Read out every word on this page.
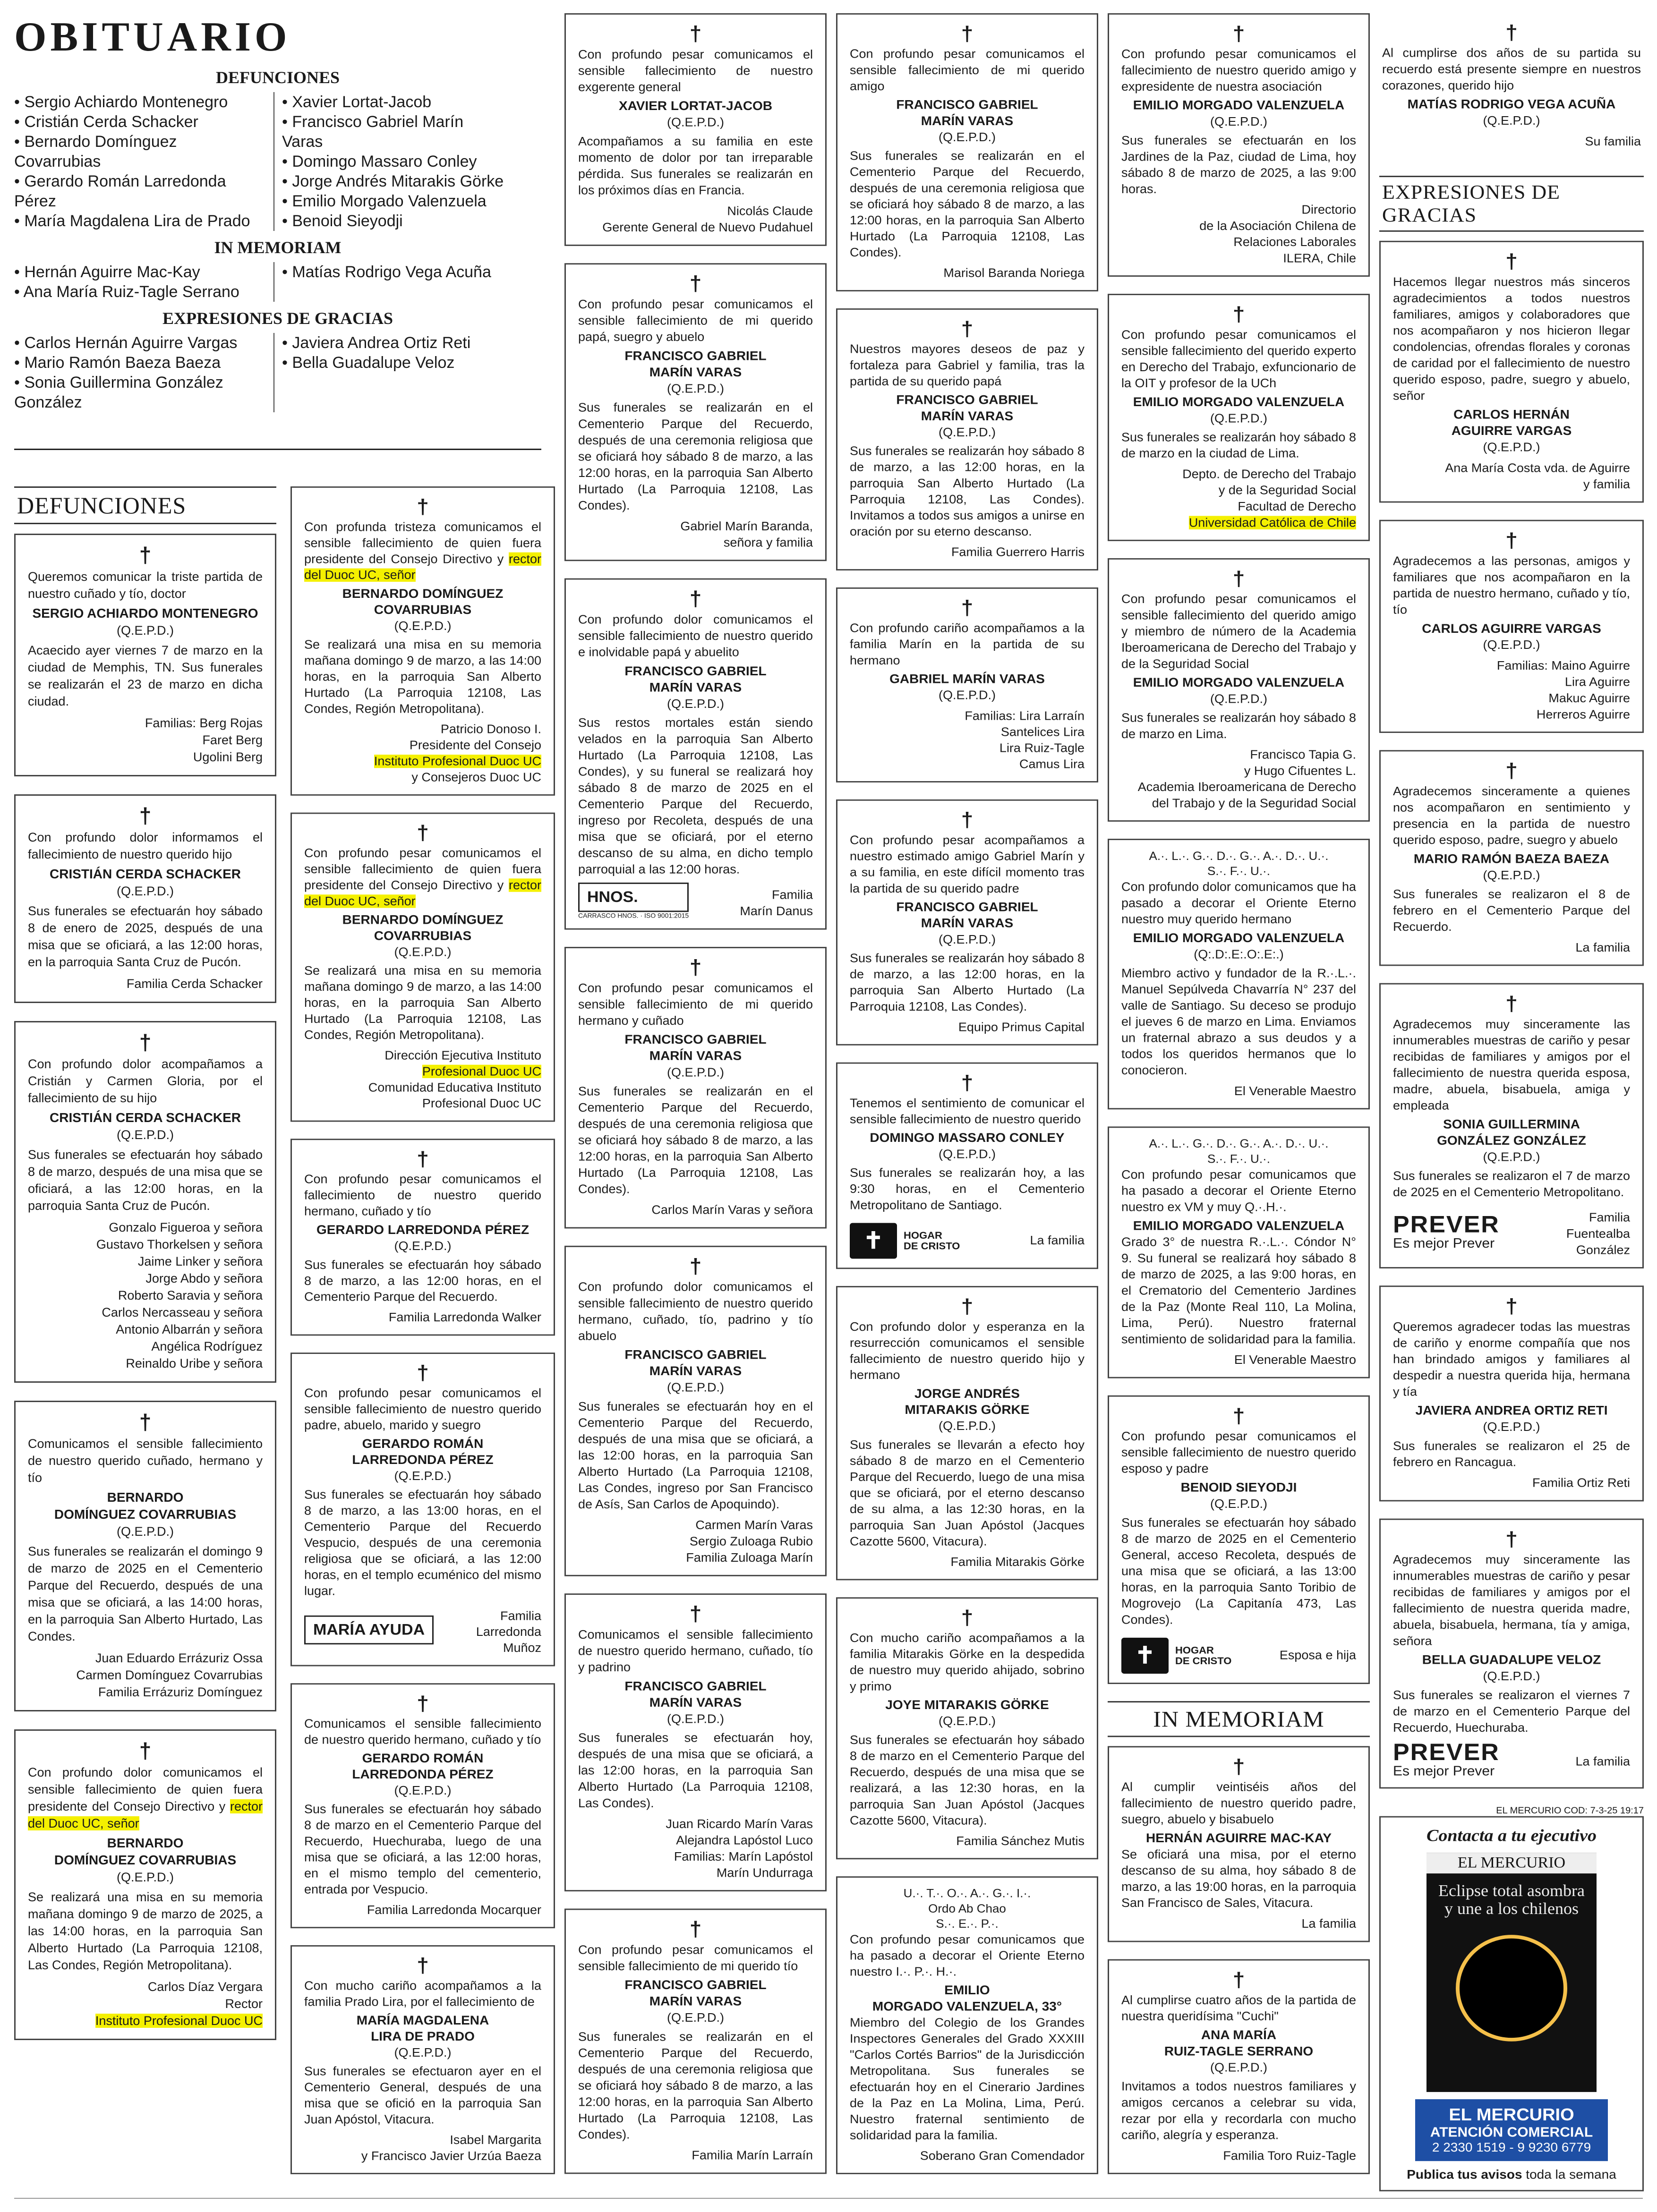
OBITUARIO
DEFUNCIONES
• Sergio Achiardo Montenegro
• Cristián Cerda Schacker
• Bernardo Domínguez
Covarrubias
• Gerardo Román Larredonda
Pérez
• María Magdalena Lira de Prado
• Xavier Lortat-Jacob
• Francisco Gabriel Marín
Varas
• Domingo Massaro Conley
• Jorge Andrés Mitarakis Görke
• Emilio Morgado Valenzuela
• Benoid Sieyodji
IN MEMORIAM
• Hernán Aguirre Mac-Kay
• Ana María Ruiz-Tagle Serrano
• Matías Rodrigo Vega Acuña
EXPRESIONES DE GRACIAS
• Carlos Hernán Aguirre Vargas
• Mario Ramón Baeza Baeza
• Sonia Guillermina González
González
• Javiera Andrea Ortiz Reti
• Bella Guadalupe Veloz
DEFUNCIONES
†

Queremos comunicar la triste partida de nuestro cuñado y tío, doctor

SERGIO ACHIARDO MONTENEGRO

(Q.E.P.D.)

Acaecido ayer viernes 7 de marzo en la ciudad de Memphis, TN. Sus funerales se realizarán el 23 de marzo en dicha ciudad.

Familias: Berg Rojas
Faret Berg
Ugolini Berg

†

Con profundo dolor informamos el fallecimiento de nuestro querido hijo

CRISTIÁN CERDA SCHACKER

(Q.E.P.D.)

Sus funerales se efectuarán hoy sábado 8 de enero de 2025, después de una misa que se oficiará, a las 12:00 horas, en la parroquia Santa Cruz de Pucón.

Familia Cerda Schacker

†

Con profundo dolor acompañamos a Cristián y Carmen Gloria, por el fallecimiento de su hijo

CRISTIÁN CERDA SCHACKER

(Q.E.P.D.)

Sus funerales se efectuarán hoy sábado 8 de marzo, después de una misa que se oficiará, a las 12:00 horas, en la parroquia Santa Cruz de Pucón.

Gonzalo Figueroa y señora
Gustavo Thorkelsen y señora
Jaime Linker y señora
Jorge Abdo y señora
Roberto Saravia y señora
Carlos Nercasseau y señora
Antonio Albarrán y señora
Angélica Rodríguez
Reinaldo Uribe y señora

†

Comunicamos el sensible fallecimiento de nuestro querido cuñado, hermano y tío

BERNARDO
DOMÍNGUEZ COVARRUBIAS

(Q.E.P.D.)

Sus funerales se realizarán el domingo 9 de marzo de 2025 en el Cementerio Parque del Recuerdo, después de una misa que se oficiará, a las 14:00 horas, en la parroquia San Alberto Hurtado, Las Condes.

Juan Eduardo Errázuriz Ossa
Carmen Domínguez Covarrubias
Familia Errázuriz Domínguez

†

Con profundo dolor comunicamos el sensible fallecimiento de quien fuera presidente del Consejo Directivo y rector del Duoc UC, señor

BERNARDO
DOMÍNGUEZ COVARRUBIAS

(Q.E.P.D.)

Se realizará una misa en su memoria mañana domingo 9 de marzo de 2025, a las 14:00 horas, en la parroquia San Alberto Hurtado (La Parroquia 12108, Las Condes, Región Metropolitana).

Carlos Díaz Vergara
Rector
Instituto Profesional Duoc UC

†

Con profunda tristeza comunicamos el sensible fallecimiento de quien fuera presidente del Consejo Directivo y rector del Duoc UC, señor

BERNARDO DOMÍNGUEZ
COVARRUBIAS

(Q.E.P.D.)

Se realizará una misa en su memoria mañana domingo 9 de marzo, a las 14:00 horas, en la parroquia San Alberto Hurtado (La Parroquia 12108, Las Condes, Región Metropolitana).

Patricio Donoso I.
Presidente del Consejo
Instituto Profesional Duoc UC
y Consejeros Duoc UC

†

Con profundo pesar comunicamos el sensible fallecimiento de quien fuera presidente del Consejo Directivo y rector del Duoc UC, señor

BERNARDO DOMÍNGUEZ
COVARRUBIAS

(Q.E.P.D.)

Se realizará una misa en su memoria mañana domingo 9 de marzo, a las 14:00 horas, en la parroquia San Alberto Hurtado (La Parroquia 12108, Las Condes, Región Metropolitana).

Dirección Ejecutiva Instituto
Profesional Duoc UC
Comunidad Educativa Instituto
Profesional Duoc UC

†

Con profundo pesar comunicamos el fallecimiento de nuestro querido hermano, cuñado y tío

GERARDO LARREDONDA PÉREZ

(Q.E.P.D.)

Sus funerales se efectuarán hoy sábado 8 de marzo, a las 12:00 horas, en el Cementerio Parque del Recuerdo.

Familia Larredonda Walker

†

Con profundo pesar comunicamos el sensible fallecimiento de nuestro querido padre, abuelo, marido y suegro

GERARDO ROMÁN
LARREDONDA PÉREZ

(Q.E.P.D.)

Sus funerales se efectuarán hoy sábado 8 de marzo, a las 13:00 horas, en el Cementerio Parque del Recuerdo Vespucio, después de una ceremonia religiosa que se oficiará, a las 12:00 horas, en el templo ecuménico del mismo lugar.

MARÍA AYUDA

Familia
Larredonda
Muñoz

†

Comunicamos el sensible fallecimiento de nuestro querido hermano, cuñado y tío

GERARDO ROMÁN
LARREDONDA PÉREZ

(Q.E.P.D.)

Sus funerales se efectuarán hoy sábado 8 de marzo en el Cementerio Parque del Recuerdo, Huechuraba, luego de una misa que se oficiará, a las 12:00 horas, en el mismo templo del cementerio, entrada por Vespucio.

Familia Larredonda Mocarquer

†

Con mucho cariño acompañamos a la familia Prado Lira, por el fallecimiento de

MARÍA MAGDALENA
LIRA DE PRADO

(Q.E.P.D.)

Sus funerales se efectuaron ayer en el Cementerio General, después de una misa que se ofició en la parroquia San Juan Apóstol, Vitacura.

Isabel Margarita
y Francisco Javier Urzúa Baeza

†

Con profundo pesar comunicamos el sensible fallecimiento de nuestro exgerente general

XAVIER LORTAT-JACOB

(Q.E.P.D.)

Acompañamos a su familia en este momento de dolor por tan irreparable pérdida. Sus funerales se realizarán en los próximos días en Francia.

Nicolás Claude
Gerente General de Nuevo Pudahuel

†

Con profundo pesar comunicamos el sensible fallecimiento de mi querido papá, suegro y abuelo

FRANCISCO GABRIEL
MARÍN VARAS

(Q.E.P.D.)

Sus funerales se realizarán en el Cementerio Parque del Recuerdo, después de una ceremonia religiosa que se oficiará hoy sábado 8 de marzo, a las 12:00 horas, en la parroquia San Alberto Hurtado (La Parroquia 12108, Las Condes).

Gabriel Marín Baranda,
señora y familia

†

Con profundo dolor comunicamos el sensible fallecimiento de nuestro querido e inolvidable papá y abuelito

FRANCISCO GABRIEL
MARÍN VARAS

(Q.E.P.D.)

Sus restos mortales están siendo velados en la parroquia San Alberto Hurtado (La Parroquia 12108, Las Condes), y su funeral se realizará hoy sábado 8 de marzo de 2025 en el Cementerio Parque del Recuerdo, ingreso por Recoleta, después de una misa que se oficiará, por el eterno descanso de su alma, en dicho templo parroquial a las 12:00 horas.

HNOS.
CARRASCO HNOS. · ISO 9001:2015

Familia
Marín Danus

†

Con profundo pesar comunicamos el sensible fallecimiento de mi querido hermano y cuñado

FRANCISCO GABRIEL
MARÍN VARAS

(Q.E.P.D.)

Sus funerales se realizarán en el Cementerio Parque del Recuerdo, después de una ceremonia religiosa que se oficiará hoy sábado 8 de marzo, a las 12:00 horas, en la parroquia San Alberto Hurtado (La Parroquia 12108, Las Condes).

Carlos Marín Varas y señora

†

Con profundo dolor comunicamos el sensible fallecimiento de nuestro querido hermano, cuñado, tío, padrino y tío abuelo

FRANCISCO GABRIEL
MARÍN VARAS

(Q.E.P.D.)

Sus funerales se efectuarán hoy en el Cementerio Parque del Recuerdo, después de una misa que se oficiará, a las 12:00 horas, en la parroquia San Alberto Hurtado (La Parroquia 12108, Las Condes, ingreso por San Francisco de Asís, San Carlos de Apoquindo).

Carmen Marín Varas
Sergio Zuloaga Rubio
Familia Zuloaga Marín

†

Comunicamos el sensible fallecimiento de nuestro querido hermano, cuñado, tío y padrino

FRANCISCO GABRIEL
MARÍN VARAS

(Q.E.P.D.)

Sus funerales se efectuarán hoy, después de una misa que se oficiará, a las 12:00 horas, en la parroquia San Alberto Hurtado (La Parroquia 12108, Las Condes).

Juan Ricardo Marín Varas
Alejandra Lapóstol Luco
Familias: Marín Lapóstol
Marín Undurraga

†

Con profundo pesar comunicamos el sensible fallecimiento de mi querido tío

FRANCISCO GABRIEL
MARÍN VARAS

(Q.E.P.D.)

Sus funerales se realizarán en el Cementerio Parque del Recuerdo, después de una ceremonia religiosa que se oficiará hoy sábado 8 de marzo, a las 12:00 horas, en la parroquia San Alberto Hurtado (La Parroquia 12108, Las Condes).

Familia Marín Larraín

†

Con profundo pesar comunicamos el sensible fallecimiento de mi querido amigo

FRANCISCO GABRIEL
MARÍN VARAS

(Q.E.P.D.)

Sus funerales se realizarán en el Cementerio Parque del Recuerdo, después de una ceremonia religiosa que se oficiará hoy sábado 8 de marzo, a las 12:00 horas, en la parroquia San Alberto Hurtado (La Parroquia 12108, Las Condes).

Marisol Baranda Noriega

†

Nuestros mayores deseos de paz y fortaleza para Gabriel y familia, tras la partida de su querido papá

FRANCISCO GABRIEL
MARÍN VARAS

(Q.E.P.D.)

Sus funerales se realizarán hoy sábado 8 de marzo, a las 12:00 horas, en la parroquia San Alberto Hurtado (La Parroquia 12108, Las Condes). Invitamos a todos sus amigos a unirse en oración por su eterno descanso.

Familia Guerrero Harris

†

Con profundo cariño acompañamos a la familia Marín en la partida de su hermano

GABRIEL MARÍN VARAS

(Q.E.P.D.)

Familias: Lira Larraín
Santelices Lira
Lira Ruiz-Tagle
Camus Lira

†

Con profundo pesar acompañamos a nuestro estimado amigo Gabriel Marín y a su familia, en este difícil momento tras la partida de su querido padre

FRANCISCO GABRIEL
MARÍN VARAS

(Q.E.P.D.)

Sus funerales se realizarán hoy sábado 8 de marzo, a las 12:00 horas, en la parroquia San Alberto Hurtado (La Parroquia 12108, Las Condes).

Equipo Primus Capital

†

Tenemos el sentimiento de comunicar el sensible fallecimiento de nuestro querido

DOMINGO MASSARO CONLEY

(Q.E.P.D.)

Sus funerales se realizarán hoy, a las 9:30 horas, en el Cementerio Metropolitano de Santiago.

✝	HOGAR
DE CRISTO	La familia

†

Con profundo dolor y esperanza en la resurrección comunicamos el sensible fallecimiento de nuestro querido hijo y hermano

JORGE ANDRÉS
MITARAKIS GÖRKE

(Q.E.P.D.)

Sus funerales se llevarán a efecto hoy sábado 8 de marzo en el Cementerio Parque del Recuerdo, luego de una misa que se oficiará, por el eterno descanso de su alma, a las 12:30 horas, en la parroquia San Juan Apóstol (Jacques Cazotte 5600, Vitacura).

Familia Mitarakis Görke

†

Con mucho cariño acompañamos a la familia Mitarakis Görke en la despedida de nuestro muy querido ahijado, sobrino y primo

JOYE MITARAKIS GÖRKE

(Q.E.P.D.)

Sus funerales se efectuarán hoy sábado 8 de marzo en el Cementerio Parque del Recuerdo, después de una misa que se realizará, a las 12:30 horas, en la parroquia San Juan Apóstol (Jacques Cazotte 5600, Vitacura).

Familia Sánchez Mutis

U.·. T.·. O.·. A.·. G.·. I.·.
Ordo Ab Chao
S.·. E.·. P.·.

Con profundo pesar comunicamos que ha pasado a decorar el Oriente Eterno nuestro I.·. P.·. H.·.

EMILIO
MORGADO VALENZUELA, 33°

Miembro del Colegio de los Grandes Inspectores Generales del Grado XXXIII "Carlos Cortés Barrios" de la Jurisdicción Metropolitana. Sus funerales se efectuarán hoy en el Cinerario Jardines de la Paz en La Molina, Lima, Perú. Nuestro fraternal sentimiento de solidaridad para la familia.

Soberano Gran Comendador

†

Con profundo pesar comunicamos el fallecimiento de nuestro querido amigo y expresidente de nuestra asociación

EMILIO MORGADO VALENZUELA

(Q.E.P.D.)

Sus funerales se efectuarán en los Jardines de la Paz, ciudad de Lima, hoy sábado 8 de marzo de 2025, a las 9:00 horas.

Directorio
de la Asociación Chilena de
Relaciones Laborales
ILERA, Chile

†

Con profundo pesar comunicamos el sensible fallecimiento del querido experto en Derecho del Trabajo, exfuncionario de la OIT y profesor de la UCh

EMILIO MORGADO VALENZUELA

(Q.E.P.D.)

Sus funerales se realizarán hoy sábado 8 de marzo en la ciudad de Lima.

Depto. de Derecho del Trabajo
y de la Seguridad Social
Facultad de Derecho
Universidad Católica de Chile

†

Con profundo pesar comunicamos el sensible fallecimiento del querido amigo y miembro de número de la Academia Iberoamericana de Derecho del Trabajo y de la Seguridad Social

EMILIO MORGADO VALENZUELA

(Q.E.P.D.)

Sus funerales se realizarán hoy sábado 8 de marzo en Lima.

Francisco Tapia G.
y Hugo Cifuentes L.
Academia Iberoamericana de Derecho
del Trabajo y de la Seguridad Social

A.·. L.·. G.·. D.·. G.·. A.·. D.·. U.·.
S.·. F.·. U.·.

Con profundo dolor comunicamos que ha pasado a decorar el Oriente Eterno nuestro muy querido hermano

EMILIO MORGADO VALENZUELA

(Q:.D:.E:.O:.E:.)

Miembro activo y fundador de la R.·.L.·. Manuel Sepúlveda Chavarría N° 237 del valle de Santiago. Su deceso se produjo el jueves 6 de marzo en Lima. Enviamos un fraternal abrazo a sus deudos y a todos los queridos hermanos que lo conocieron.

El Venerable Maestro

A.·. L.·. G.·. D.·. G.·. A.·. D.·. U.·.
S.·. F.·. U.·.

Con profundo pesar comunicamos que ha pasado a decorar el Oriente Eterno nuestro ex VM y muy Q.·.H.·.

EMILIO MORGADO VALENZUELA

Grado 3° de nuestra R.·.L.·. Cóndor N° 9. Su funeral se realizará hoy sábado 8 de marzo de 2025, a las 9:00 horas, en el Crematorio del Cementerio Jardines de la Paz (Monte Real 110, La Molina, Lima, Perú). Nuestro fraternal sentimiento de solidaridad para la familia.

El Venerable Maestro

†

Con profundo pesar comunicamos el sensible fallecimiento de nuestro querido esposo y padre

BENOID SIEYODJI

(Q.E.P.D.)

Sus funerales se efectuarán hoy sábado 8 de marzo de 2025 en el Cementerio General, acceso Recoleta, después de una misa que se oficiará, a las 13:00 horas, en la parroquia Santo Toribio de Mogrovejo (La Capitanía 473, Las Condes).

✝	HOGAR
DE CRISTO	Esposa e hija

IN MEMORIAM
†

Al cumplir veintiséis años del fallecimiento de nuestro querido padre, suegro, abuelo y bisabuelo

HERNÁN AGUIRRE MAC-KAY

Se oficiará una misa, por el eterno descanso de su alma, hoy sábado 8 de marzo, a las 19:00 horas, en la parroquia San Francisco de Sales, Vitacura.

La familia

†

Al cumplirse cuatro años de la partida de nuestra queridísima "Cuchi"

ANA MARÍA
RUIZ-TAGLE SERRANO

(Q.E.P.D.)

Invitamos a todos nuestros familiares y amigos cercanos a celebrar su vida, rezar por ella y recordarla con mucho cariño, alegría y esperanza.

Familia Toro Ruiz-Tagle

†

Al cumplirse dos años de su partida su recuerdo está presente siempre en nuestros corazones, querido hijo

MATÍAS RODRIGO VEGA ACUÑA

(Q.E.P.D.)

Su familia

EXPRESIONES DE GRACIAS
†

Hacemos llegar nuestros más sinceros agradecimientos a todos nuestros familiares, amigos y colaboradores que nos acompañaron y nos hicieron llegar condolencias, ofrendas florales y coronas de caridad por el fallecimiento de nuestro querido esposo, padre, suegro y abuelo, señor

CARLOS HERNÁN
AGUIRRE VARGAS

(Q.E.P.D.)

Ana María Costa vda. de Aguirre
y familia

†

Agradecemos a las personas, amigos y familiares que nos acompañaron en la partida de nuestro hermano, cuñado y tío, tío

CARLOS AGUIRRE VARGAS

(Q.E.P.D.)

Familias: Maino Aguirre
Lira Aguirre
Makuc Aguirre
Herreros Aguirre

†

Agradecemos sinceramente a quienes nos acompañaron en sentimiento y presencia en la partida de nuestro querido esposo, padre, suegro y abuelo

MARIO RAMÓN BAEZA BAEZA

(Q.E.P.D.)

Sus funerales se realizaron el 8 de febrero en el Cementerio Parque del Recuerdo.

La familia

†

Agradecemos muy sinceramente las innumerables muestras de cariño y pesar recibidas de familiares y amigos por el fallecimiento de nuestra querida esposa, madre, abuela, bisabuela, amiga y empleada

SONIA GUILLERMINA
GONZÁLEZ GONZÁLEZ

(Q.E.P.D.)

Sus funerales se realizaron el 7 de marzo de 2025 en el Cementerio Metropolitano.

PREVER
Es mejor Prever

Familia
Fuentealba
González

†

Queremos agradecer todas las muestras de cariño y enorme compañía que nos han brindado amigos y familiares al despedir a nuestra querida hija, hermana y tía

JAVIERA ANDREA ORTIZ RETI

(Q.E.P.D.)

Sus funerales se realizaron el 25 de febrero en Rancagua.

Familia Ortiz Reti

†

Agradecemos muy sinceramente las innumerables muestras de cariño y pesar recibidas de familiares y amigos por el fallecimiento de nuestra querida madre, abuela, bisabuela, hermana, tía y amiga, señora

BELLA GUADALUPE VELOZ

(Q.E.P.D.)

Sus funerales se realizaron el viernes 7 de marzo en el Cementerio Parque del Recuerdo, Huechuraba.

PREVER
Es mejor Prever

La familia

EL MERCURIO COD: 7-3-25 19:17
Contacta a tu ejecutivo
EL MERCURIO
Eclipse total asombra y une a los chilenos
EL MERCURIO
ATENCIÓN COMERCIAL
2 2330 1519 - 9 9230 6779
Publica tus avisos toda la semana
